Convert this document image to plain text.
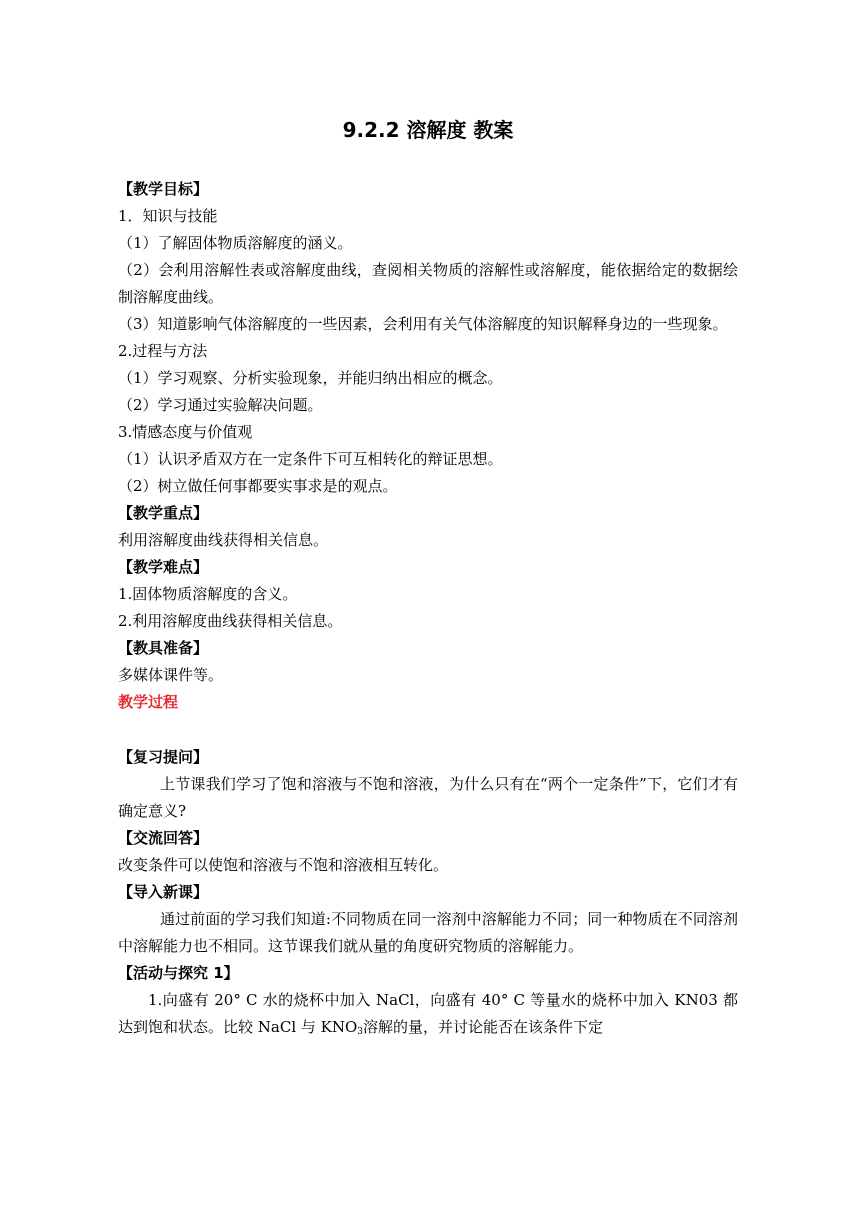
9.2.2 溶解度 教案
【教学目标】
1．知识与技能
（1）了解固体物质溶解度的涵义。
（2）会利用溶解性表或溶解度曲线，查阅相关物质的溶解性或溶解度，能依据给定的数据绘制溶解度曲线。
（3）知道影响气体溶解度的一些因素，会利用有关气体溶解度的知识解释身边的一些现象。
2.过程与方法
（1）学习观察、分析实验现象，并能归纳出相应的概念。
（2）学习通过实验解决问题。
3.情感态度与价值观
（1）认识矛盾双方在一定条件下可互相转化的辩证思想。
（2）树立做任何事都要实事求是的观点。
【教学重点】
利用溶解度曲线获得相关信息。
【教学难点】
1.固体物质溶解度的含义。
2.利用溶解度曲线获得相关信息。
【教具准备】
多媒体课件等。
教学过程
【复习提问】
上节课我们学习了饱和溶液与不饱和溶液，为什么只有在“两个一定条件”下，它们才有确定意义?
【交流回答】
改变条件可以使饱和溶液与不饱和溶液相互转化。
【导入新课】
通过前面的学习我们知道:不同物质在同一溶剂中溶解能力不同；同一种物质在不同溶剂中溶解能力也不相同。这节课我们就从量的角度研究物质的溶解能力。
【活动与探究 1】
1.向盛有 20° C 水的烧杯中加入 NaCl，向盛有 40° C 等量水的烧杯中加入 KN03 都达到饱和状态。比较 NaCl 与 $KNO_3$溶解的量，并讨论能否在该条件下定
